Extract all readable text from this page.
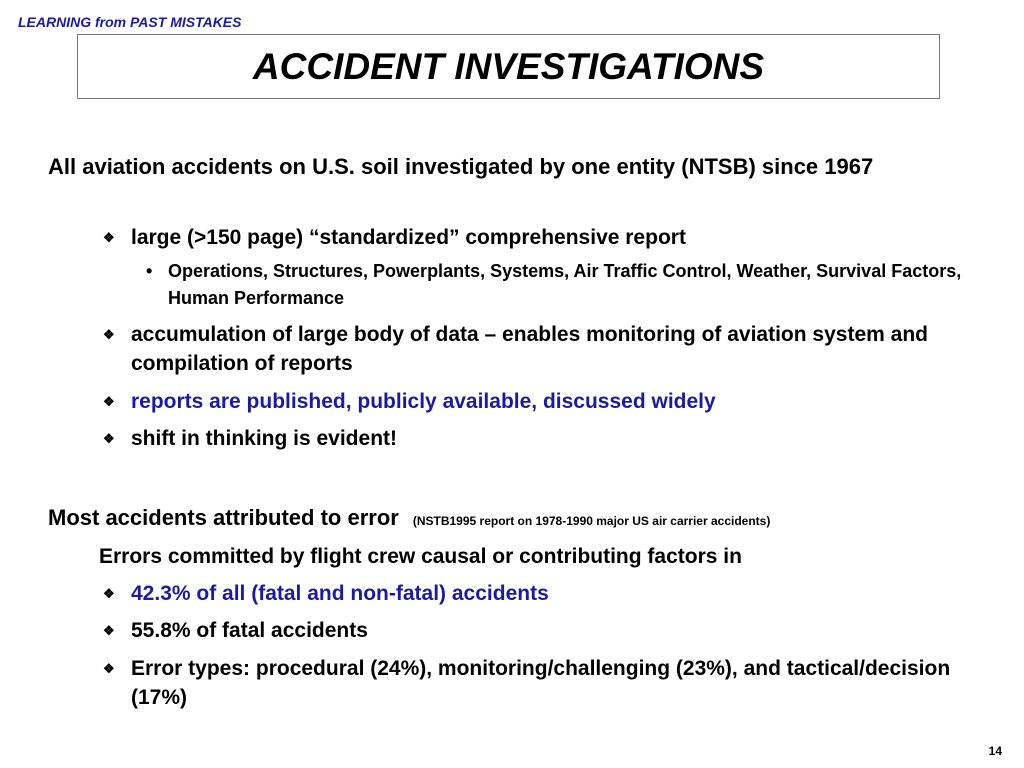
LEARNING from PAST MISTAKES
ACCIDENT INVESTIGATIONS
All aviation accidents on U.S. soil investigated by one entity (NTSB) since 1967
❖ large (>150 page) “standardized” comprehensive report
• Operations, Structures, Powerplants, Systems, Air Traffic Control, Weather, Survival Factors, Human Performance
❖ accumulation of large body of data – enables monitoring of aviation system and compilation of reports
❖ reports are published, publicly available, discussed widely
❖ shift in thinking is evident!
Most accidents attributed to error (NSTB1995 report on 1978-1990 major US air carrier accidents)
Errors committed by flight crew causal or contributing factors in
❖ 42.3% of all (fatal and non-fatal) accidents
❖ 55.8% of fatal accidents
❖ Error types: procedural (24%), monitoring/challenging (23%), and tactical/decision (17%)
14
